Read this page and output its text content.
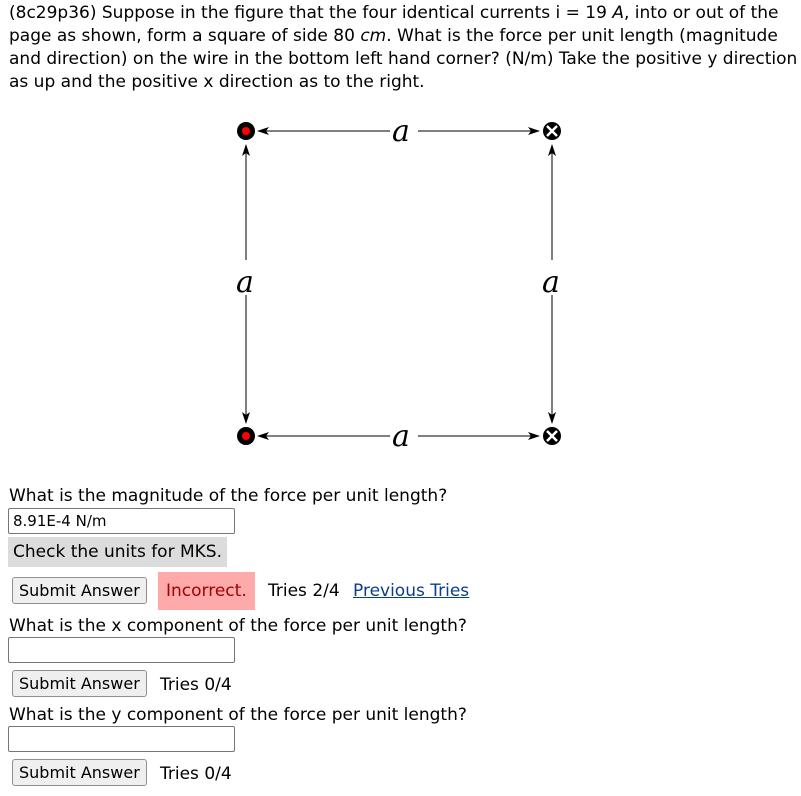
(8c29p36) Suppose in the figure that the four identical currents i = 19 A, into or out of the page as shown, form a square of side 80 cm. What is the force per unit length (magnitude and direction) on the wire in the bottom left hand corner? (N/m) Take the positive y direction as up and the positive x direction as to the right.

a
a
a	a

What is the magnitude of the force per unit length?

8.91E-4 N/m
Check the units for MKS.
Submit Answer	Incorrect.	Tries 2/4 Previous Tries

What is the x component of the force per unit length?

Submit Answer	Tries 0/4

What is the y component of the force per unit length?

Submit Answer	Tries 0/4
